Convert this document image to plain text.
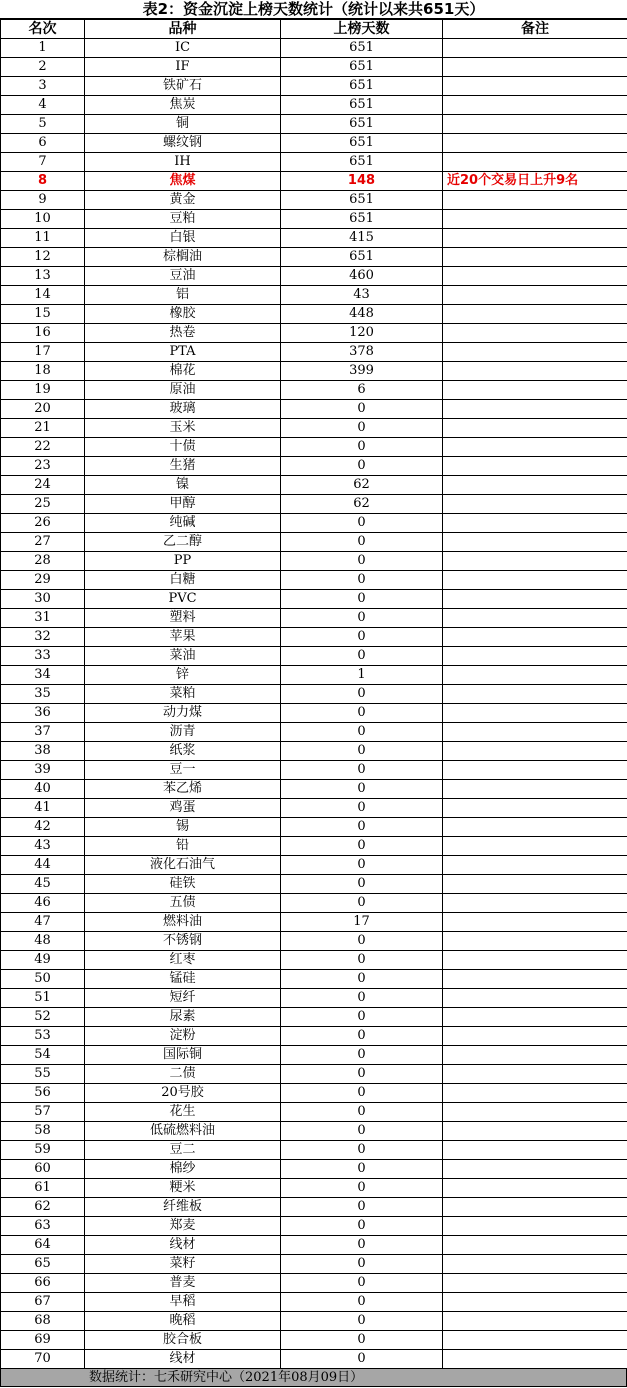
表2：资金沉淀上榜天数统计（统计以来共651天）
名次	品种	上榜天数	备注
1	IC	651	
2	IF	651	
3	铁矿石	651	
4	焦炭	651	
5	铜	651	
6	螺纹钢	651	
7	IH	651	
8	焦煤	148	近20个交易日上升9名
9	黄金	651	
10	豆粕	651	
11	白银	415	
12	棕榈油	651	
13	豆油	460	
14	铝	43	
15	橡胶	448	
16	热卷	120	
17	PTA	378	
18	棉花	399	
19	原油	6	
20	玻璃	0	
21	玉米	0	
22	十债	0	
23	生猪	0	
24	镍	62	
25	甲醇	62	
26	纯碱	0	
27	乙二醇	0	
28	PP	0	
29	白糖	0	
30	PVC	0	
31	塑料	0	
32	苹果	0	
33	菜油	0	
34	锌	1	
35	菜粕	0	
36	动力煤	0	
37	沥青	0	
38	纸浆	0	
39	豆一	0	
40	苯乙烯	0	
41	鸡蛋	0	
42	锡	0	
43	铅	0	
44	液化石油气	0	
45	硅铁	0	
46	五债	0	
47	燃料油	17	
48	不锈钢	0	
49	红枣	0	
50	锰硅	0	
51	短纤	0	
52	尿素	0	
53	淀粉	0	
54	国际铜	0	
55	二债	0	
56	20号胶	0	
57	花生	0	
58	低硫燃料油	0	
59	豆二	0	
60	棉纱	0	
61	粳米	0	
62	纤维板	0	
63	郑麦	0	
64	线材	0	
65	菜籽	0	
66	普麦	0	
67	早稻	0	
68	晚稻	0	
69	胶合板	0	
70	线材	0	
数据统计：七禾研究中心（2021年08月09日）
